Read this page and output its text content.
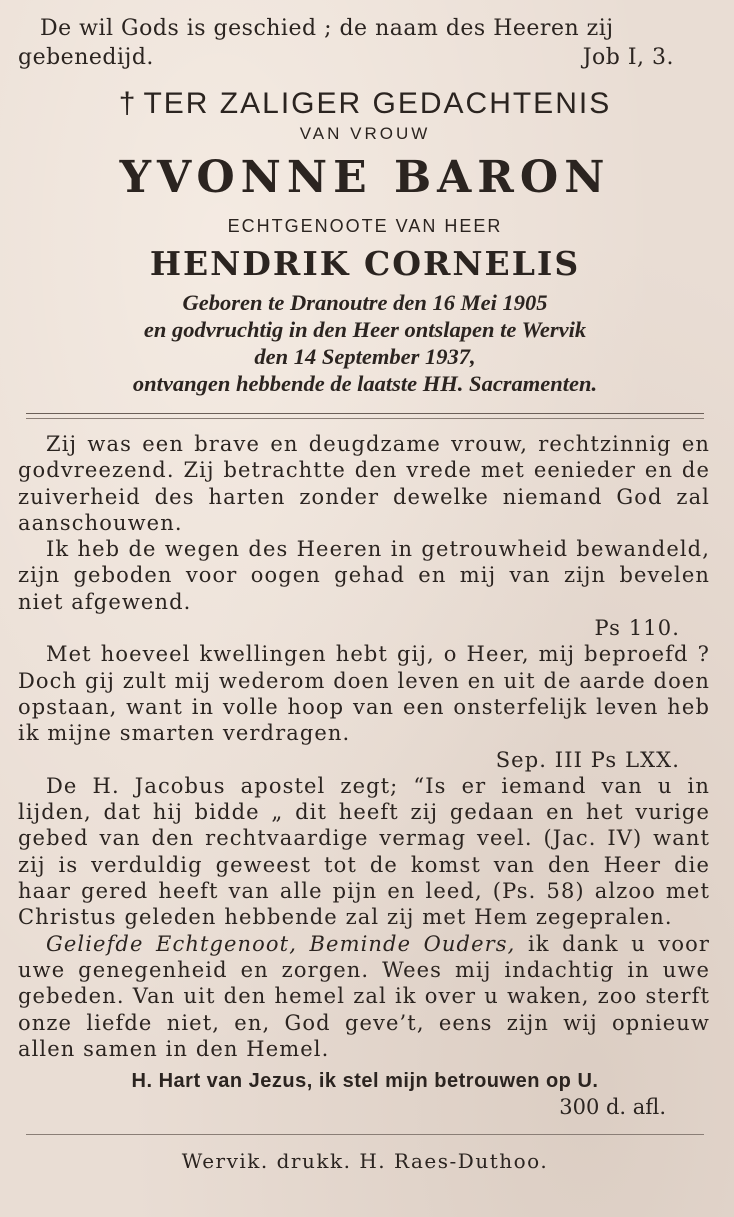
De wil Gods is geschied ; de naam des Heeren zij
gebenedijd.	Job I, 3.
† TER ZALIGER GEDACHTENIS
VAN VROUW
YVONNE BARON
ECHTGENOOTE VAN HEER
HENDRIK CORNELIS
Geboren te Dranoutre den 16 Mei 1905
en godvruchtig in den Heer ontslapen te Wervik
den 14 September 1937,
ontvangen hebbende de laatste HH. Sacramenten.

Zij was een brave en deugdzame vrouw, rechtzinnig en godvreezend. Zij betrachtte den vrede met eenieder en de zuiverheid des harten zonder dewelke niemand God zal aanschouwen.

Ik heb de wegen des Heeren in getrouwheid bewandeld, zijn geboden voor oogen gehad en mij van zijn bevelen niet afgewend.

Ps 110.

Met hoeveel kwellingen hebt gij, o Heer, mij beproefd ? Doch gij zult mij wederom doen leven en uit de aarde doen opstaan, want in volle hoop van een onsterfelijk leven heb ik mijne smarten verdragen.

Sep. III Ps LXX.

De H. Jacobus apostel zegt; “Is er iemand van u in lijden, dat hij bidde „ dit heeft zij gedaan en het vurige gebed van den rechtvaardige vermag veel. (Jac. IV) want zij is verduldig geweest tot de komst van den Heer die haar gered heeft van alle pijn en leed, (Ps. 58) alzoo met Christus geleden hebbende zal zij met Hem zegepralen.

Geliefde Echtgenoot, Beminde Ouders, ik dank u voor uwe genegenheid en zorgen. Wees mij indachtig in uwe gebeden. Van uit den hemel zal ik over u waken, zoo sterft onze liefde niet, en, God geve’t, eens zijn wij opnieuw allen samen in den Hemel.

H. Hart van Jezus, ik stel mijn betrouwen op U.
300 d. afl.
Wervik. drukk. H. Raes-Duthoo.
